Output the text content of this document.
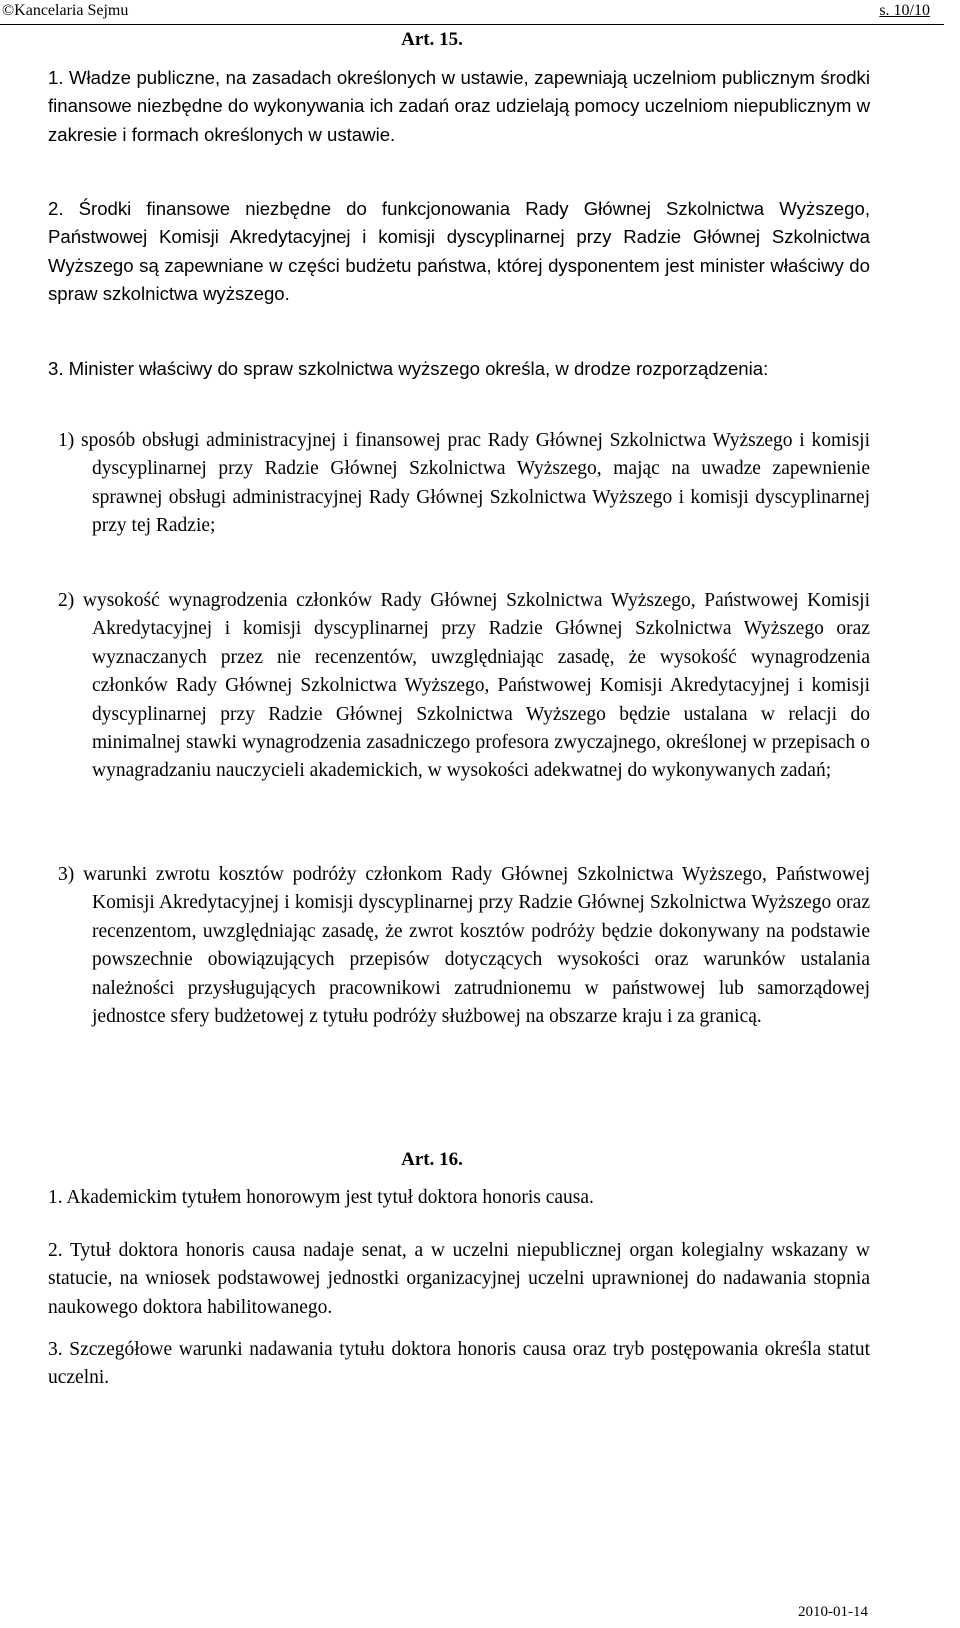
©Kancelaria Sejmu	s. 10/10
Art. 15.
1. Władze publiczne, na zasadach określonych w ustawie, zapewniają uczelniom publicznym środki finansowe niezbędne do wykonywania ich zadań oraz udzielają pomocy uczelniom niepublicznym w zakresie i formach określonych w ustawie.
2. Środki finansowe niezbędne do funkcjonowania Rady Głównej Szkolnictwa Wyższego, Państwowej Komisji Akredytacyjnej i komisji dyscyplinarnej przy Radzie Głównej Szkolnictwa Wyższego są zapewniane w części budżetu państwa, której dysponentem jest minister właściwy do spraw szkolnictwa wyższego.
3. Minister właściwy do spraw szkolnictwa wyższego określa, w drodze rozporządzenia:
1) sposób obsługi administracyjnej i finansowej prac Rady Głównej Szkolnictwa Wyższego i komisji dyscyplinarnej przy Radzie Głównej Szkolnictwa Wyższego, mając na uwadze zapewnienie sprawnej obsługi administracyjnej Rady Głównej Szkolnictwa Wyższego i komisji dyscyplinarnej przy tej Radzie;
2) wysokość wynagrodzenia członków Rady Głównej Szkolnictwa Wyższego, Państwowej Komisji Akredytacyjnej i komisji dyscyplinarnej przy Radzie Głównej Szkolnictwa Wyższego oraz wyznaczanych przez nie recenzentów, uwzględniając zasadę, że wysokość wynagrodzenia członków Rady Głównej Szkolnictwa Wyższego, Państwowej Komisji Akredytacyjnej i komisji dyscyplinarnej przy Radzie Głównej Szkolnictwa Wyższego będzie ustalana w relacji do minimalnej stawki wynagrodzenia zasadniczego profesora zwyczajnego, określonej w przepisach o wynagradzaniu nauczycieli akademickich, w wysokości adekwatnej do wykonywanych zadań;
3) warunki zwrotu kosztów podróży członkom Rady Głównej Szkolnictwa Wyższego, Państwowej Komisji Akredytacyjnej i komisji dyscyplinarnej przy Radzie Głównej Szkolnictwa Wyższego oraz recenzentom, uwzględniając zasadę, że zwrot kosztów podróży będzie dokonywany na podstawie powszechnie obowiązujących przepisów dotyczących wysokości oraz warunków ustalania należności przysługujących pracownikowi zatrudnionemu w państwowej lub samorządowej jednostce sfery budżetowej z tytułu podróży służbowej na obszarze kraju i za granicą.
Art. 16.
1. Akademickim tytułem honorowym jest tytuł doktora honoris causa.
2. Tytuł doktora honoris causa nadaje senat, a w uczelni niepublicznej organ kolegialny wskazany w statucie, na wniosek podstawowej jednostki organizacyjnej uczelni uprawnionej do nadawania stopnia naukowego doktora habilitowanego.
3. Szczegółowe warunki nadawania tytułu doktora honoris causa oraz tryb postępowania określa statut uczelni.
2010-01-14
